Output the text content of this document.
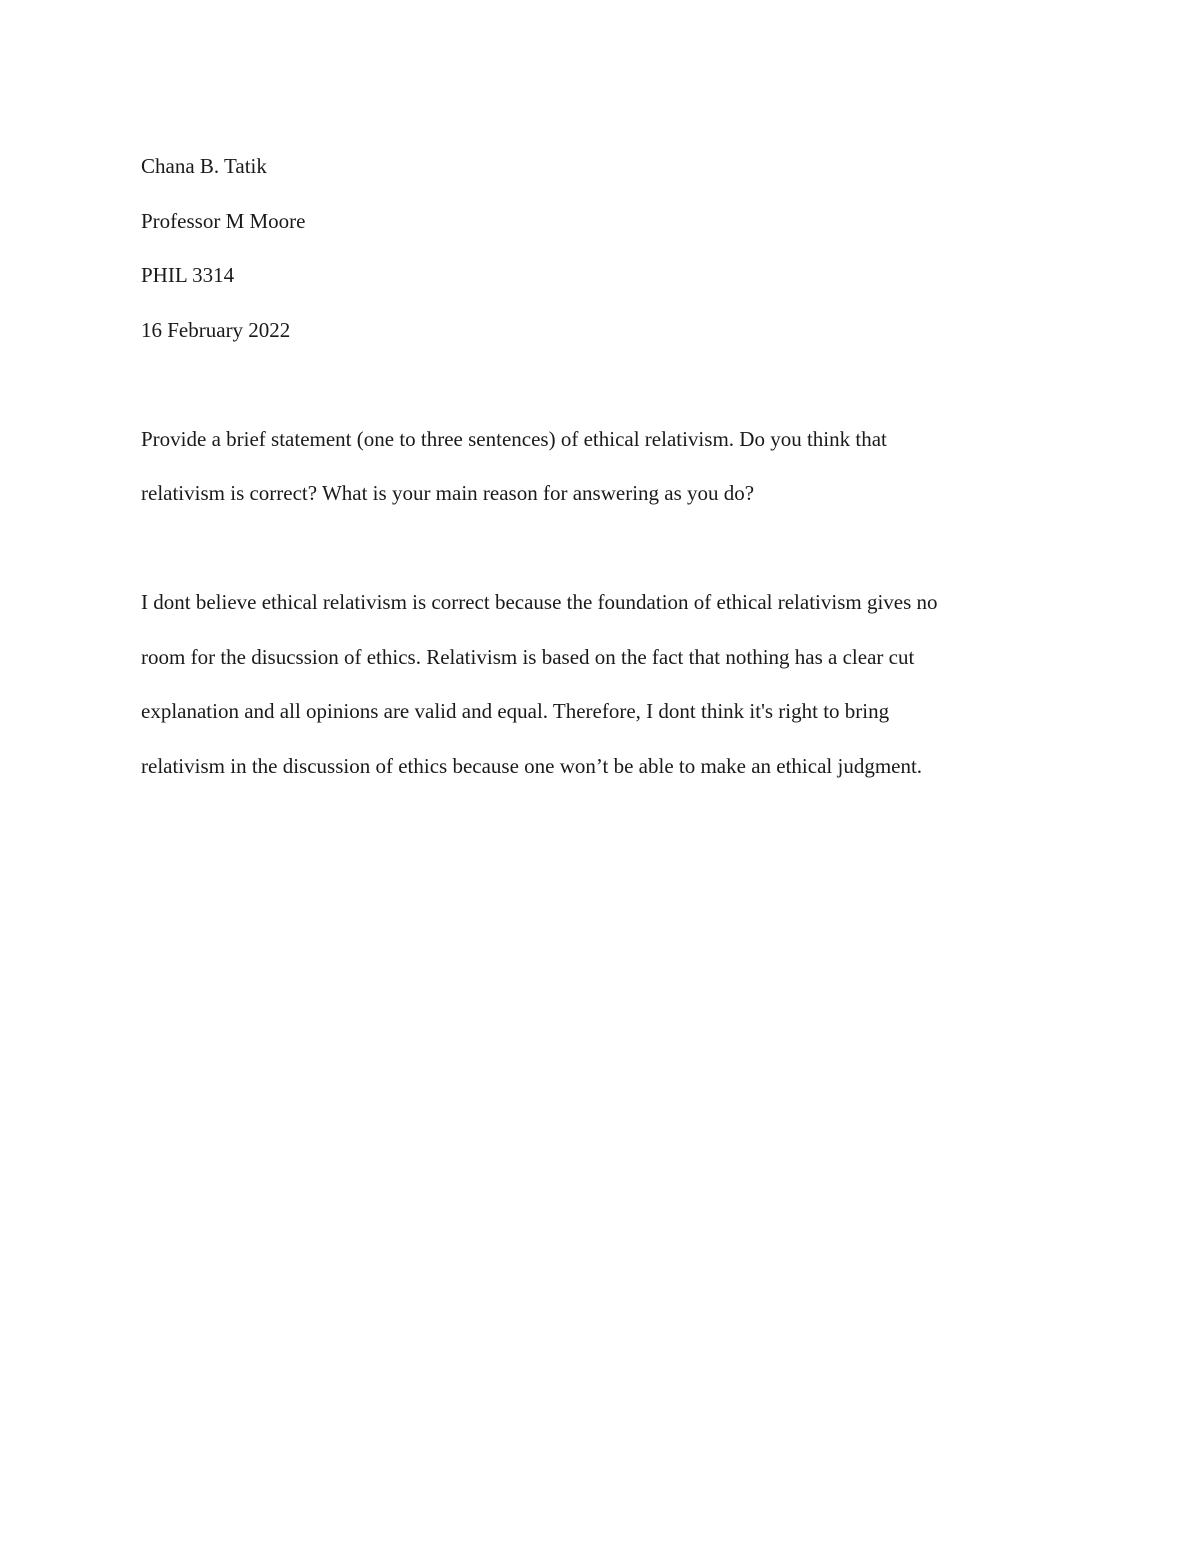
Chana B. Tatik

Professor M Moore

PHIL 3314

16 February 2022

Provide a brief statement (one to three sentences) of ethical relativism. Do you think that

relativism is correct? What is your main reason for answering as you do?

I dont believe ethical relativism is correct because the foundation of ethical relativism gives no

room for the disucssion of ethics. Relativism is based on the fact that nothing has a clear cut

explanation and all opinions are valid and equal. Therefore, I dont think it's right to bring

relativism in the discussion of ethics because one won’t be able to make an ethical judgment.
